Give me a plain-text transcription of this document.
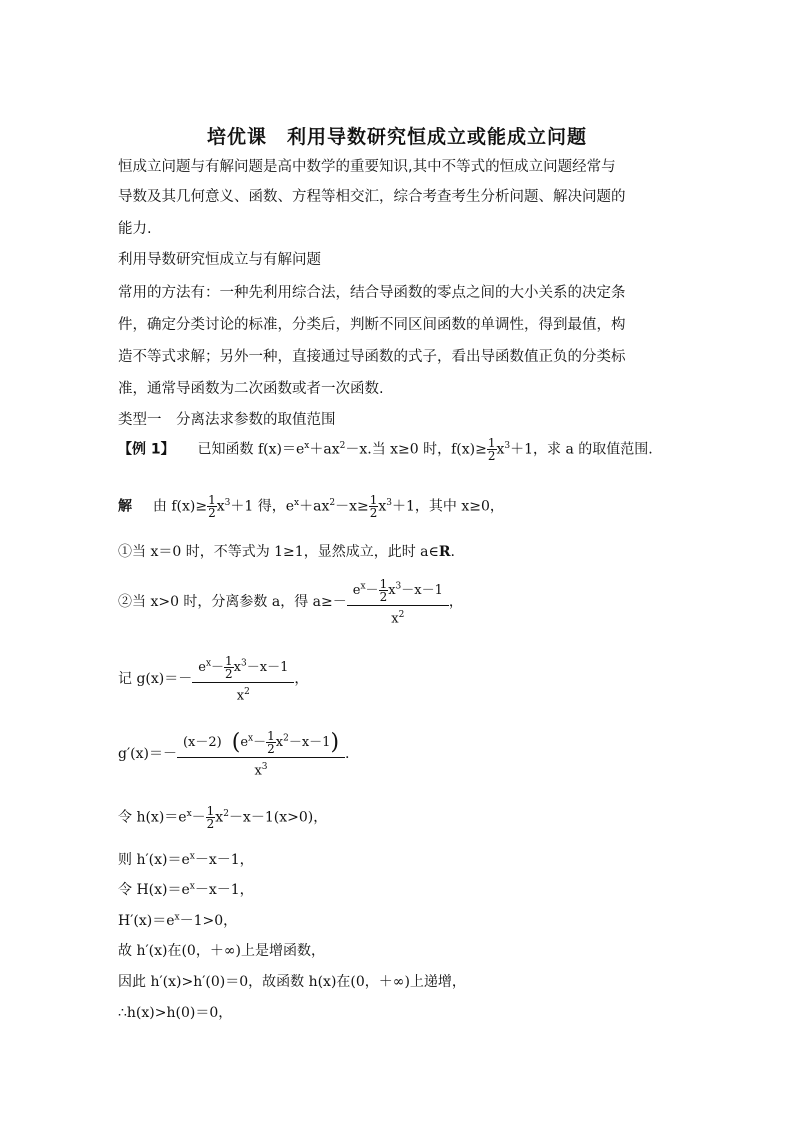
培优课 利用导数研究恒成立或能成立问题
恒成立问题与有解问题是高中数学的重要知识,其中不等式的恒成立问题经常与
导数及其几何意义、函数、方程等相交汇，综合考查考生分析问题、解决问题的
能力.
利用导数研究恒成立与有解问题
常用的方法有：一种先利用综合法，结合导函数的零点之间的大小关系的决定条
件，确定分类讨论的标准，分类后，判断不同区间函数的单调性，得到最值，构
造不等式求解；另外一种，直接通过导函数的式子，看出导函数值正负的分类标
准，通常导函数为二次函数或者一次函数.
类型一　分离法求参数的取值范围
【例 1】 已知函数 $f(x)=e^x+ax^2-x$.当 x≥0 时，$f(x)\ge \frac{1}{2} x^3+1$，求 a 的取值范围.
解 由 $f(x)\ge \frac{1}{2} x^3+1$ 得，$e^x+ax^2-x\ge \frac{1}{2} x^3+1$，其中 x≥0，
①当 x＝0 时，不等式为 1≥1，显然成立，此时 a∈R.
②当 x>0 时，分离参数 a，得 $a\ge- \frac{e^x- \frac{1}{2} x^3-x-1}{x^2}$ ，
记 $g(x)=- \frac{e^x- \frac{1}{2} x^3-x-1}{x^2}$ ，
$g'(x)=- \frac{(x-2) (e^x- \frac{1}{2} x^2-x-1)}{x^3}$ .
令 $h(x)=e^x- \frac{1}{2} x^2-x-1(x>0)$，
则 $h'(x)=e^x-x-1$，
令 $H(x)=e^x-x-1$，
$H'(x)=e^x-1>0$，
故 h′(x)在(0，＋∞)上是增函数，
因此 h′(x)>h′(0)＝0，故函数 h(x)在(0，＋∞)上递增，
∴h(x)>h(0)＝0，
